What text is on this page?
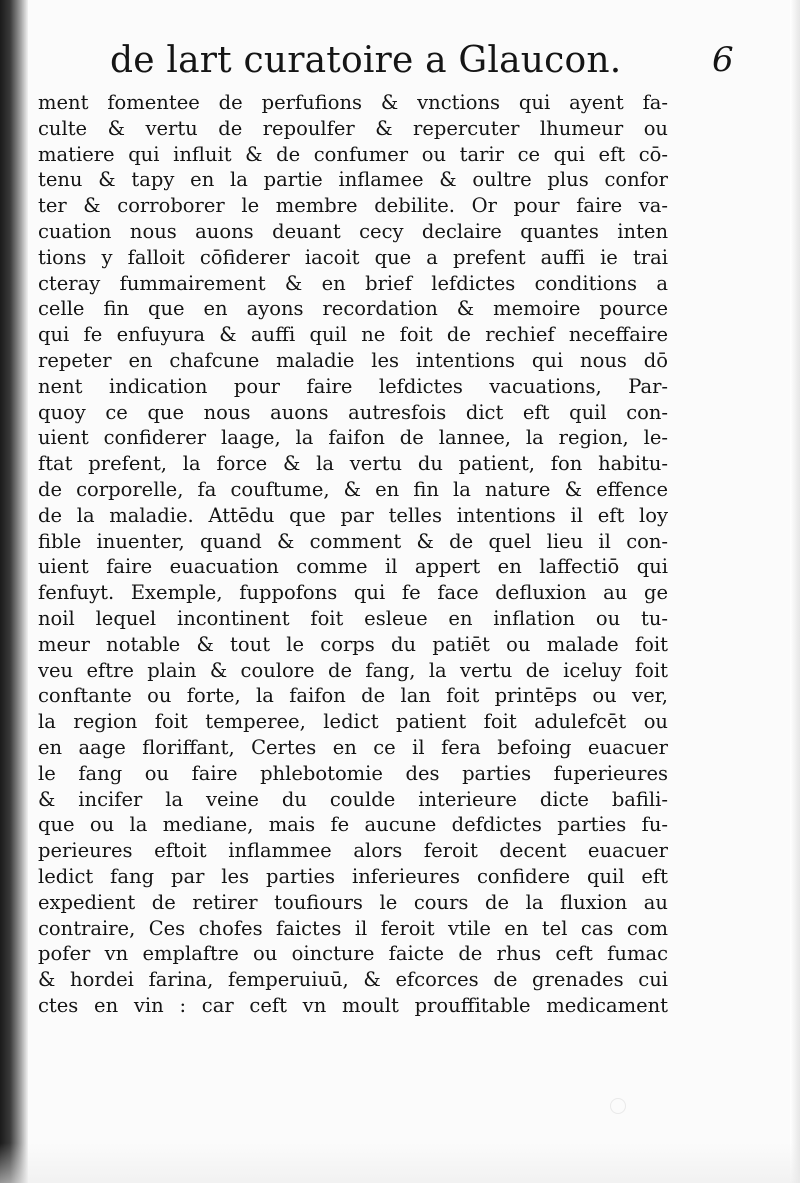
de lart curatoire a Glaucon.	6
ment fomentee de perfufions & vnctions qui ayent fa-
culte & vertu de repoulfer & repercuter lhumeur ou
matiere qui influit & de confumer ou tarir ce qui eft cō-
tenu & tapy en la partie inflamee & oultre plus confor
ter & corroborer le membre debilite. Or pour faire va-
cuation nous auons deuant cecy declaire quantes inten
tions y falloit cōfiderer iacoit que a prefent auffi ie trai
cteray fummairement & en brief lefdictes conditions a
celle fin que en ayons recordation & memoire pource
qui fe enfuyura & auffi quil ne foit de rechief neceffaire
repeter en chafcune maladie les intentions qui nous dō
nent indication pour faire lefdictes vacuations, Par-
quoy ce que nous auons autresfois dict eft quil con-
uient confiderer laage, la faifon de lannee, la region, le-
ftat prefent, la force & la vertu du patient, fon habitu-
de corporelle, fa couftume, & en fin la nature & effence
de la maladie. Attēdu que par telles intentions il eft loy
fible inuenter, quand & comment & de quel lieu il con-
uient faire euacuation comme il appert en laffectiō qui
fenfuyt. Exemple, fuppofons qui fe face defluxion au ge
noil lequel incontinent foit esleue en inflation ou tu-
meur notable & tout le corps du patiēt ou malade foit
veu eftre plain & coulore de fang, la vertu de iceluy foit
conftante ou forte, la faifon de lan foit printēps ou ver,
la region foit temperee, ledict patient foit adulefcēt ou
en aage floriffant, Certes en ce il fera befoing euacuer
le fang ou faire phlebotomie des parties fuperieures
& incifer la veine du coulde interieure dicte bafili-
que ou la mediane, mais fe aucune defdictes parties fu-
perieures eftoit inflammee alors feroit decent euacuer
ledict fang par les parties inferieures confidere quil eft
expedient de retirer toufiours le cours de la fluxion au
contraire, Ces chofes faictes il feroit vtile en tel cas com
pofer vn emplaftre ou oincture faicte de rhus ceft fumac
& hordei farina, femperuiuū, & efcorces de grenades cui
ctes en vin : car ceft vn moult prouffitable medicament
